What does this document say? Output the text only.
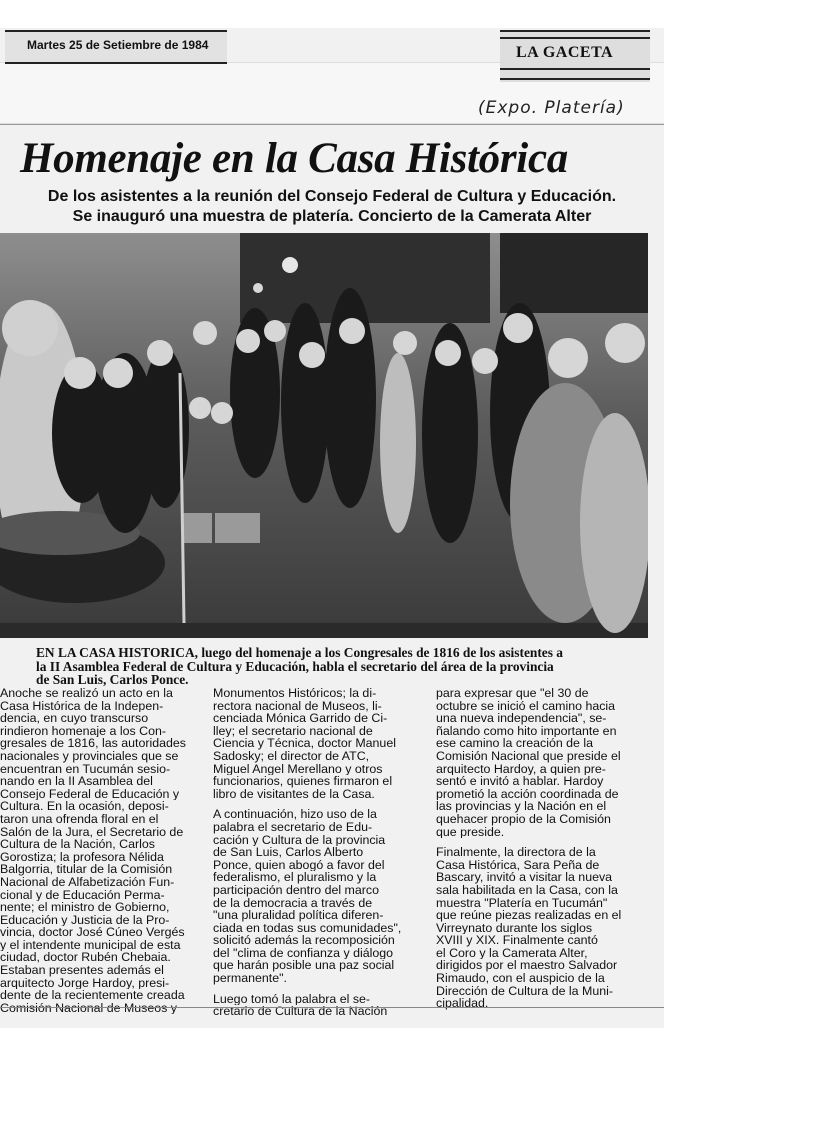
Martes 25 de Setiembre de 1984	LA GACETA
(Expo. Platería)
Homenaje en la Casa Histórica
De los asistentes a la reunión del Consejo Federal de Cultura y Educación.
Se inauguró una muestra de platería. Concierto de la Camerata Alter
EN LA CASA HISTORICA, luego del homenaje a los Congresales de 1816 de los asistentes a
la II Asamblea Federal de Cultura y Educación, habla el secretario del área de la provincia
de San Luis, Carlos Ponce.
Anoche se realizó un acto en la
Casa Histórica de la Indepen-
dencia, en cuyo transcurso
rindieron homenaje a los Con-
gresales de 1816, las autoridades
nacionales y provinciales que se
encuentran en Tucumán sesio-
nando en la II Asamblea del
Consejo Federal de Educación y
Cultura. En la ocasión, deposi-
taron una ofrenda floral en el
Salón de la Jura, el Secretario de
Cultura de la Nación, Carlos
Gorostiza; la profesora Nélida
Balgorria, titular de la Comisión
Nacional de Alfabetización Fun-
cional y de Educación Perma-
nente; el ministro de Gobierno,
Educación y Justicia de la Pro-
vincia, doctor José Cúneo Vergés
y el intendente municipal de esta
ciudad, doctor Rubén Chebaia.
Estaban presentes además el
arquitecto Jorge Hardoy, presi-
dente de la recientemente creada
Comisión Nacional de Museos y
Monumentos Históricos; la di-
rectora nacional de Museos, li-
cenciada Mónica Garrido de Ci-
lley; el secretario nacional de
Ciencia y Técnica, doctor Manuel
Sadosky; el director de ATC,
Miguel Angel Merellano y otros
funcionarios, quienes firmaron el
libro de visitantes de la Casa.
A continuación, hizo uso de la
palabra el secretario de Edu-
cación y Cultura de la provincia
de San Luis, Carlos Alberto
Ponce, quien abogó a favor del
federalismo, el pluralismo y la
participación dentro del marco
de la democracia a través de
"una pluralidad política diferen-
ciada en todas sus comunidades",
solicitó además la recomposición
del "clima de confianza y diálogo
que harán posible una paz social
permanente".
Luego tomó la palabra el se-
cretario de Cultura de la Nación
para expresar que "el 30 de
octubre se inició el camino hacia
una nueva independencia", se-
ñalando como hito importante en
ese camino la creación de la
Comisión Nacional que preside el
arquitecto Hardoy, a quien pre-
sentó e invitó a hablar. Hardoy
prometió la acción coordinada de
las provincias y la Nación en el
quehacer propio de la Comisión
que preside.
Finalmente, la directora de la
Casa Histórica, Sara Peña de
Bascary, invitó a visitar la nueva
sala habilitada en la Casa, con la
muestra "Platería en Tucumán"
que reúne piezas realizadas en el
Virreynato durante los siglos
XVIII y XIX. Finalmente cantó
el Coro y la Camerata Alter,
dirigidos por el maestro Salvador
Rimaudo, con el auspicio de la
Dirección de Cultura de la Muni-
cipalidad.
